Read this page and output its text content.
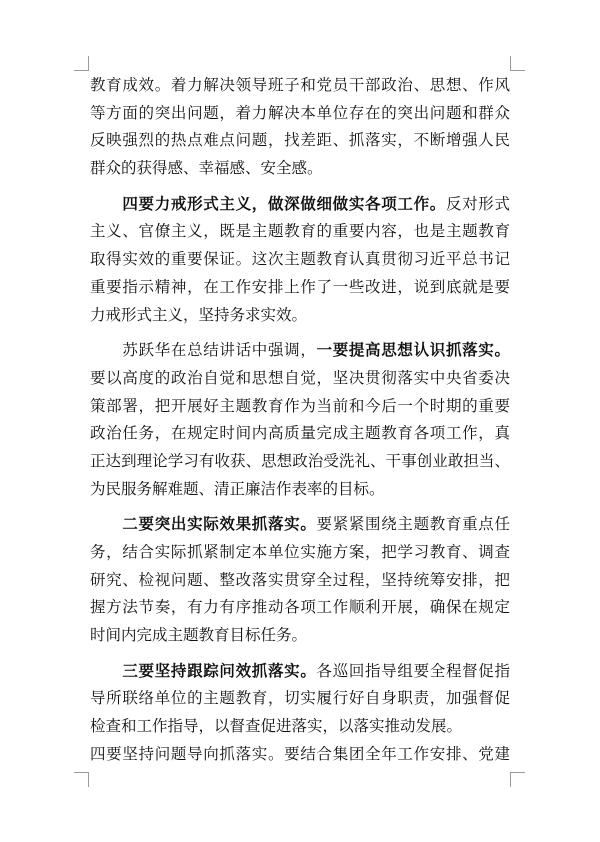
教育成效。着力解决领导班子和党员干部政治、思想、作风
等方面的突出问题，着力解决本单位存在的突出问题和群众
反映强烈的热点难点问题，找差距、抓落实，不断增强人民
群众的获得感、幸福感、安全感。
　　四要力戒形式主义，做深做细做实各项工作。反对形式
主义、官僚主义，既是主题教育的重要内容，也是主题教育
取得实效的重要保证。这次主题教育认真贯彻习近平总书记
重要指示精神，在工作安排上作了一些改进，说到底就是要
力戒形式主义，坚持务求实效。
　　苏跃华在总结讲话中强调，一要提高思想认识抓落实。
要以高度的政治自觉和思想自觉，坚决贯彻落实中央省委决
策部署，把开展好主题教育作为当前和今后一个时期的重要
政治任务，在规定时间内高质量完成主题教育各项工作，真
正达到理论学习有收获、思想政治受洗礼、干事创业敢担当、
为民服务解难题、清正廉洁作表率的目标。
　　二要突出实际效果抓落实。要紧紧围绕主题教育重点任
务，结合实际抓紧制定本单位实施方案，把学习教育、调查
研究、检视问题、整改落实贯穿全过程，坚持统筹安排，把
握方法节奏，有力有序推动各项工作顺利开展，确保在规定
时间内完成主题教育目标任务。
　　三要坚持跟踪问效抓落实。各巡回指导组要全程督促指
导所联络单位的主题教育，切实履行好自身职责，加强督促
检查和工作指导，以督查促进落实，以落实推动发展。
四要坚持问题导向抓落实。要结合集团全年工作安排、党建
